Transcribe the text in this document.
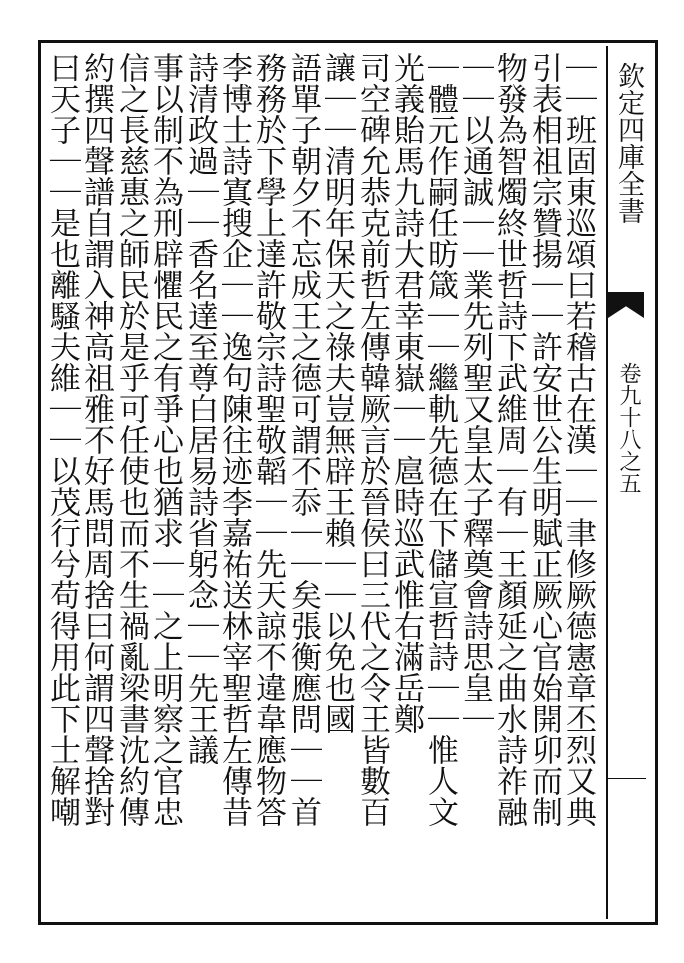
欽定四庫全書
卷九十八之五
｜｜班固東巡頌曰若稽古在漢｜｜聿修厥德憲章丕烈又典
引表相祖宗贊揚｜｜許安世公生明賦正厥心官始開卯而制
物發為智燭終世哲詩下武維周｜有｜王顏延之曲水詩祚融
｜｜以通誠｜｜業先列聖又皇太子釋奠會詩思皇｜
｜體元作嗣任昉箴｜｜繼軌先德在下儲宣哲詩｜｜惟人文
光義貽馬九詩大君幸東嶽｜｜扈時巡武惟右滿岳鄭
司空碑允恭克前哲左傳韓厥言於晉侯曰三代之令王皆數百
讓｜｜清明年保天之祿夫豈無辟王賴｜｜以免也國
語單子朝夕不忘成王之德可謂不忝｜｜矣張衡應問｜｜首
務務於下學上達許敬宗詩聖敬韜｜｜先天諒不違韋應物答
李博士詩寘搜企｜｜逸句陳往迹李嘉祐送林宰聖哲左傳昔
詩清政過｜｜香名達至尊白居易詩省躬念｜｜先王議
事以制不為刑辟懼民之有爭心也猶求｜｜之上明察之官忠
信之長慈惠之師民於是乎可任使也而不生禍亂梁書沈約傳
約撰四聲譜自謂入神高祖雅不好馬問周捨曰何謂四聲捨對
曰天子｜｜是也離騷夫維｜｜以茂行兮苟得用此下士解嘲
